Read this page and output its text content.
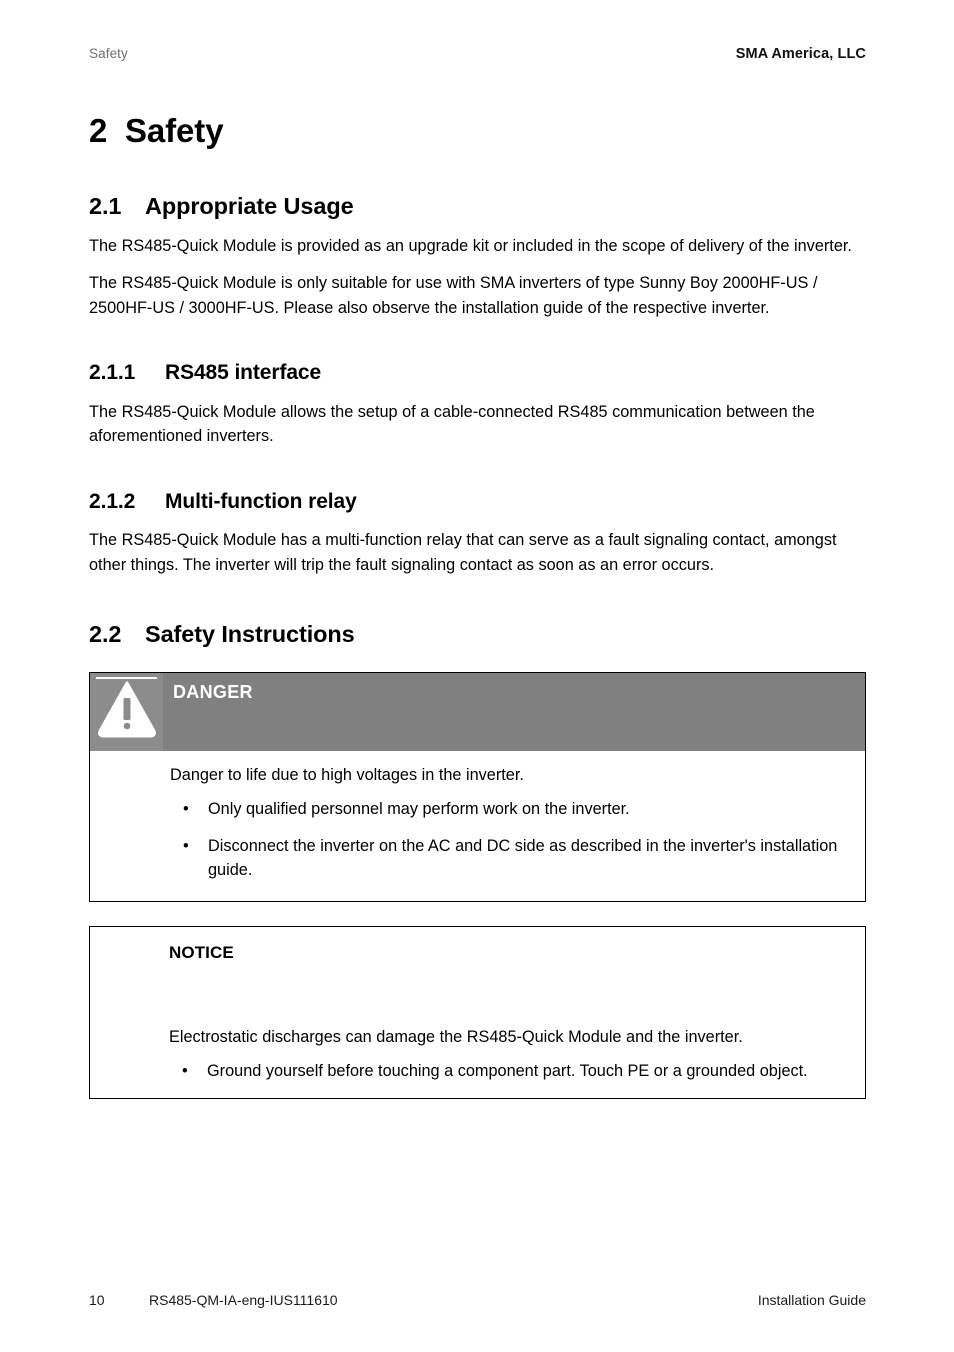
Safety	SMA America, LLC
2 Safety
2.1 Appropriate Usage

The RS485-Quick Module is provided as an upgrade kit or included in the scope of delivery of the inverter.

The RS485-Quick Module is only suitable for use with SMA inverters of type Sunny Boy 2000HF-US / 2500HF-US / 3000HF-US. Please also observe the installation guide of the respective inverter.

2.1.1 RS485 interface

The RS485-Quick Module allows the setup of a cable-connected RS485 communication between the aforementioned inverters.

2.1.2 Multi-function relay

The RS485-Quick Module has a multi-function relay that can serve as a fault signaling contact, amongst other things. The inverter will trip the fault signaling contact as soon as an error occurs.

2.2 Safety Instructions
DANGER

Danger to life due to high voltages in the inverter.

• Only qualified personnel may perform work on the inverter.
• Disconnect the inverter on the AC and DC side as described in the inverter's installation guide.
NOTICE

Electrostatic discharges can damage the RS485-Quick Module and the inverter.

• Ground yourself before touching a component part. Touch PE or a grounded object.
10	RS485-QM-IA-eng-IUS111610	Installation Guide
